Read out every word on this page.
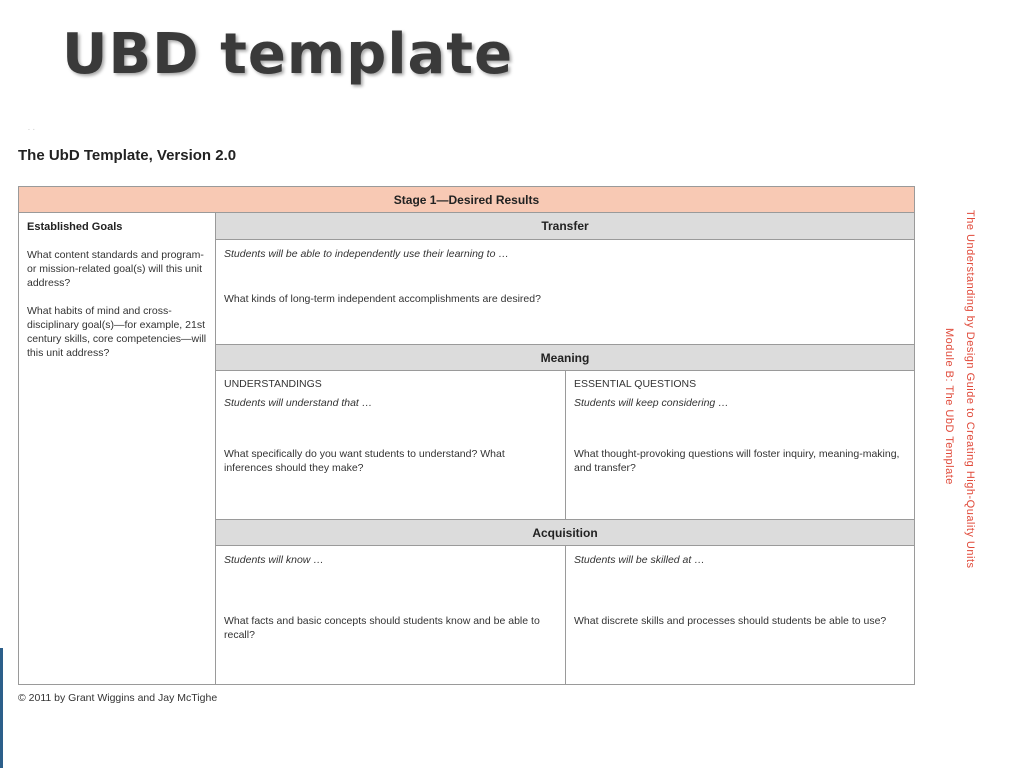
UBD template
˙ ˙
The UbD Template, Version 2.0
Stage 1—Desired Results

Established Goals

What content standards and program- or mission-related goal(s) will this unit address?

What habits of mind and cross-disciplinary goal(s)—for example, 21st century skills, core competencies—will this unit address?

Transfer

Students will be able to independently use their learning to …

What kinds of long-term independent accomplishments are desired?

Meaning

UNDERSTANDINGS

Students will understand that …

What specifically do you want students to understand? What inferences should they make?

ESSENTIAL QUESTIONS

Students will keep considering …

What thought-provoking questions will foster inquiry, meaning-making, and transfer?

Acquisition

Students will know …

What facts and basic concepts should students know and be able to recall?

Students will be skilled at …

What discrete skills and processes should students be able to use?

© 2011 by Grant Wiggins and Jay McTighe
The Understanding by Design Guide to Creating High-Quality Units
Module B: The UbD Template
